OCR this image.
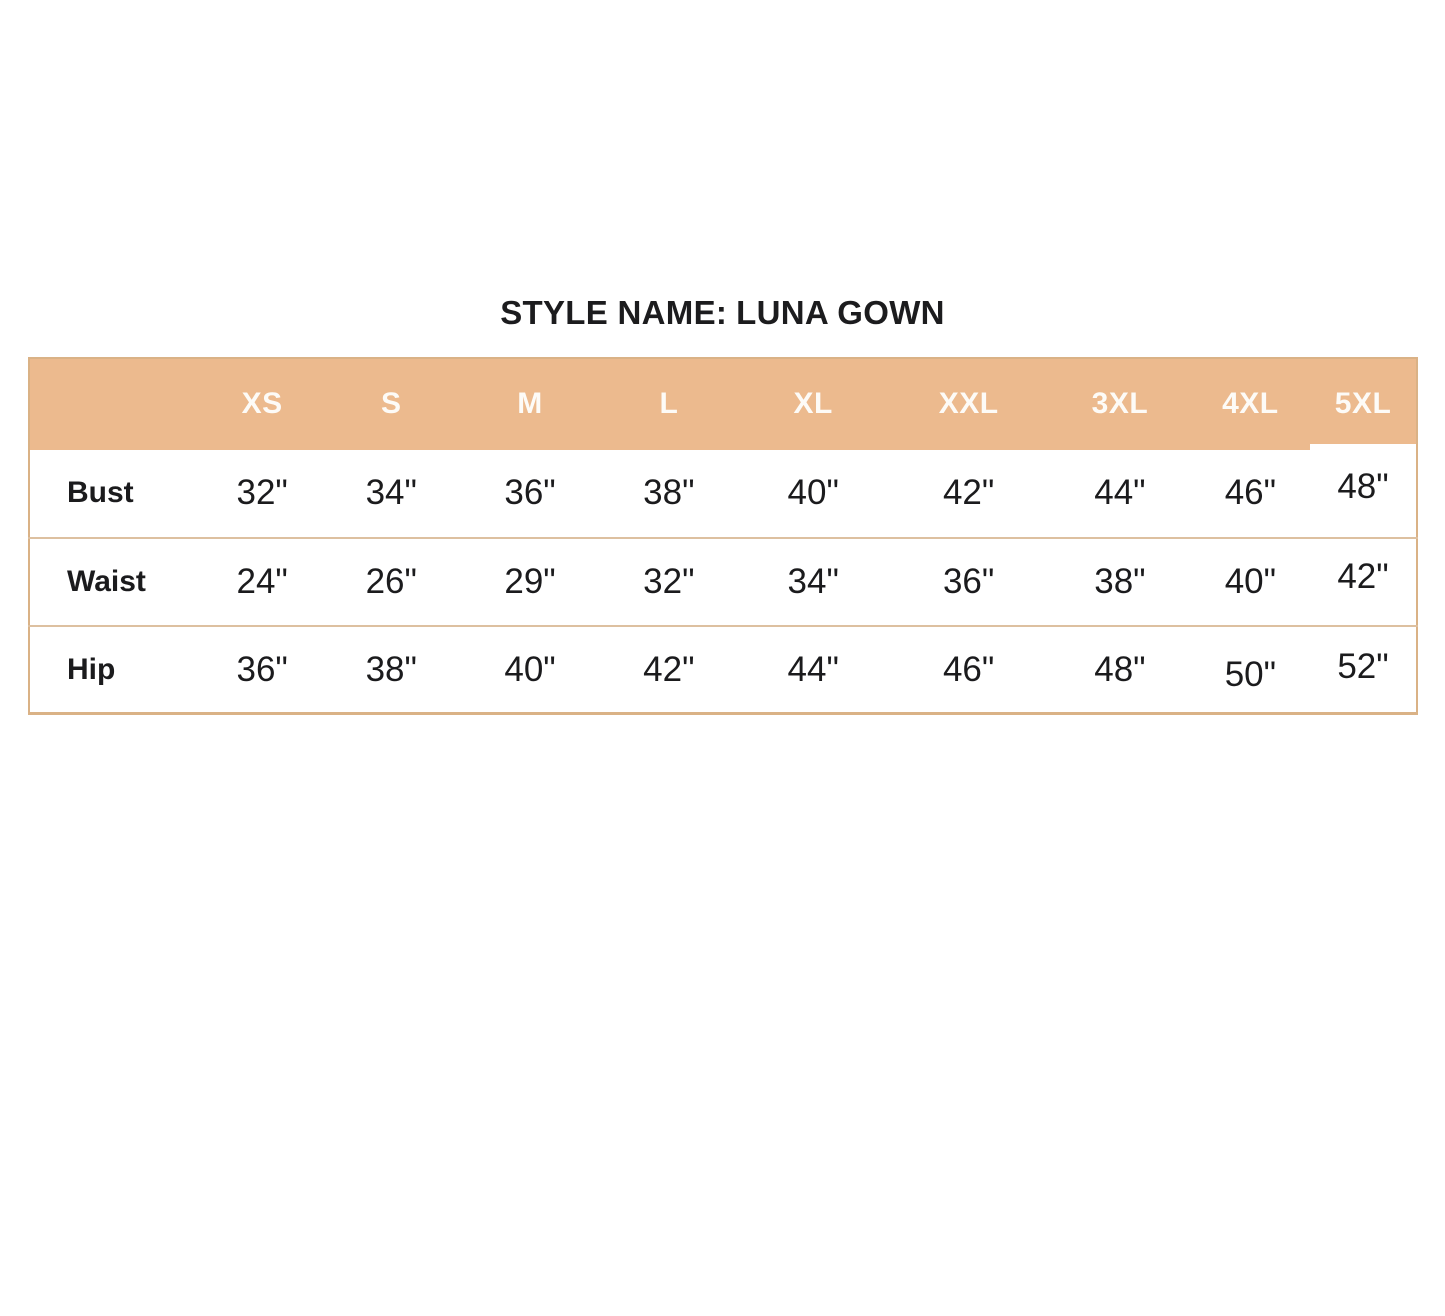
STYLE NAME: LUNA GOWN
	XS	S	M	L	XL	XXL	3XL	4XL	5XL
Bust	32"	34"	36"	38"	40"	42"	44"	46"	48"
Waist	24"	26"	29"	32"	34"	36"	38"	40"	42"
Hip	36"	38"	40"	42"	44"	46"	48"	50"	52"
